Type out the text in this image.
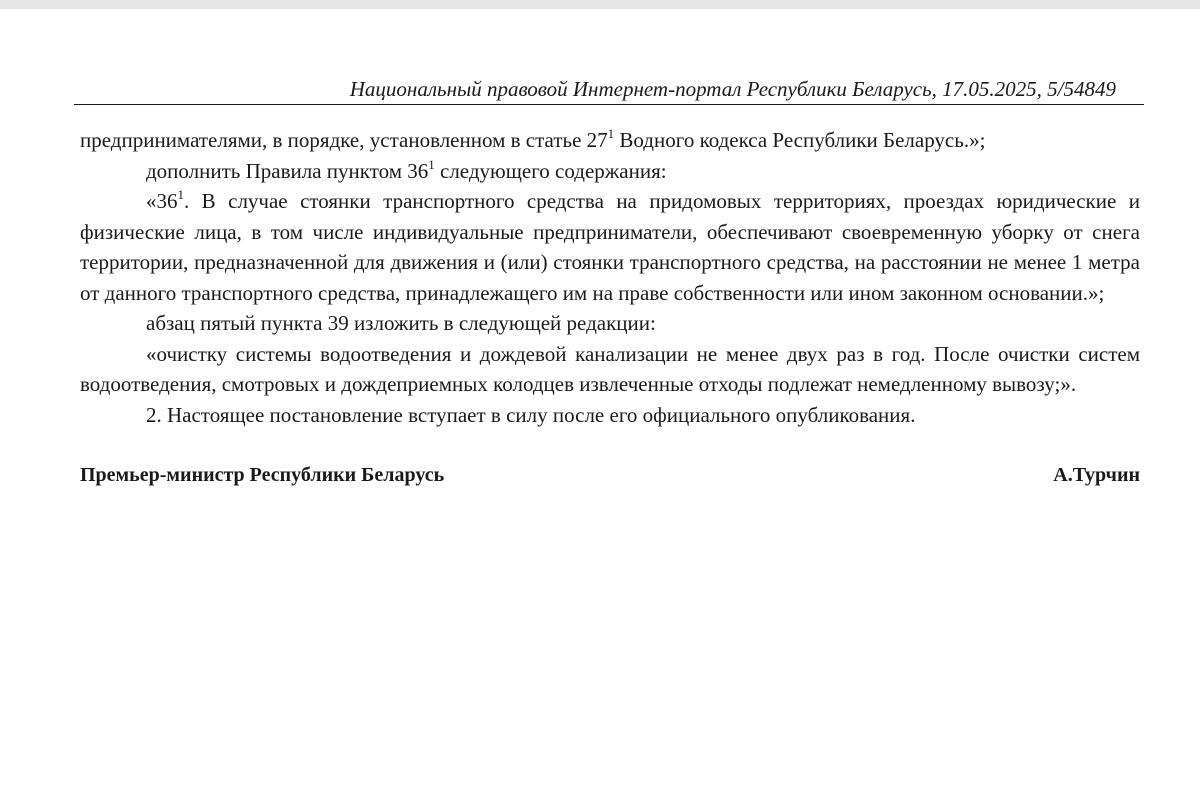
Национальный правовой Интернет-портал Республики Беларусь, 17.05.2025, 5/54849

предпринимателями, в порядке, установленном в статье $27^1$ Водного кодекса Республики Беларусь.»;

дополнить Правила пунктом $36^1$ следующего содержания:

«$36^1$. В случае стоянки транспортного средства на придомовых территориях, проездах юридические и физические лица, в том числе индивидуальные предприниматели, обеспечивают своевременную уборку от снега территории, предназначенной для движения и (или) стоянки транспортного средства, на расстоянии не менее 1 метра от данного транспортного средства, принадлежащего им на праве собственности или ином законном основании.»;

абзац пятый пункта 39 изложить в следующей редакции:

«очистку системы водоотведения и дождевой канализации не менее двух раз в год. После очистки систем водоотведения, смотровых и дождеприемных колодцев извлеченные отходы подлежат немедленному вывозу;».

2. Настоящее постановление вступает в силу после его официального опубликования.

Премьер-министр Республики Беларусь	А.Турчин
